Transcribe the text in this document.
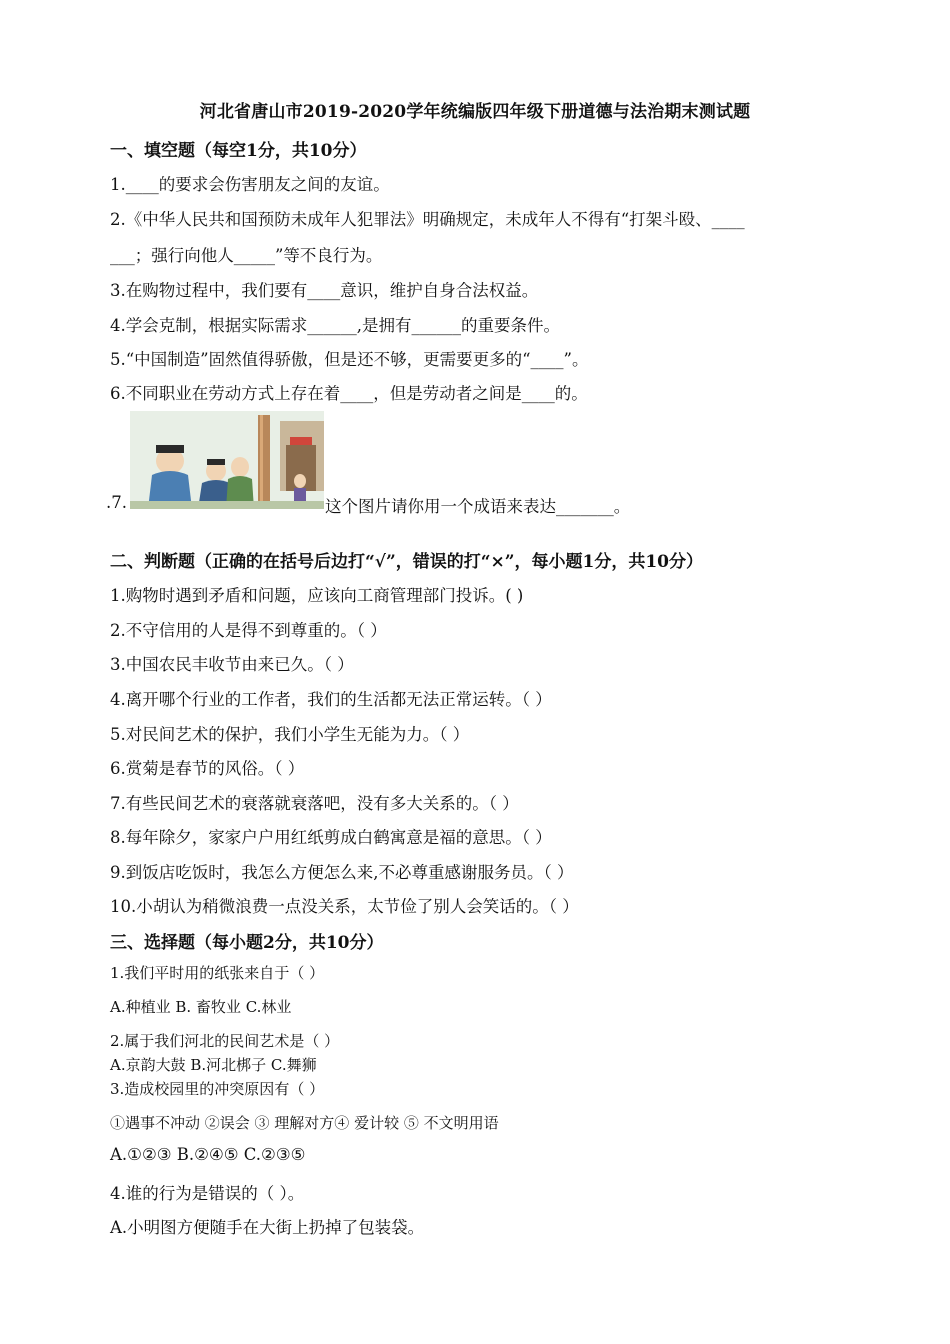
河北省唐山市2019-2020学年统编版四年级下册道德与法治期末测试题
一、填空题（每空1分，共10分）
1.____的要求会伤害朋友之间的友谊。
2.《中华人民共和国预防未成年人犯罪法》明确规定，未成年人不得有“打架斗殴、____
___；强行向他人_____”等不良行为。
3.在购物过程中，我们要有____意识，维护自身合法权益。
4.学会克制，根据实际需求______,是拥有______的重要条件。
5.“中国制造”固然值得骄傲，但是还不够，更需要更多的“____”。
6.不同职业在劳动方式上存在着____，但是劳动者之间是____的。
.7.	这个图片请你用一个成语来表达_______。
二、判断题（正确的在括号后边打“√”，错误的打“×”，每小题1分，共10分）
1.购物时遇到矛盾和问题，应该向工商管理部门投诉。( )
2.不守信用的人是得不到尊重的。（ ）
3.中国农民丰收节由来已久。（ ）
4.离开哪个行业的工作者，我们的生活都无法正常运转。（ ）
5.对民间艺术的保护，我们小学生无能为力。（ ）
6.赏菊是春节的风俗。（ ）
7.有些民间艺术的衰落就衰落吧，没有多大关系的。（ ）
8.每年除夕，家家户户用红纸剪成白鹤寓意是福的意思。（ ）
9.到饭店吃饭时，我怎么方便怎么来,不必尊重感谢服务员。（ ）
10.小胡认为稍微浪费一点没关系，太节俭了别人会笑话的。（ ）
三、选择题（每小题2分，共10分）
1.我们平时用的纸张来自于（ ）
A.种植业 B. 畜牧业 C.林业
2.属于我们河北的民间艺术是（ ）
A.京韵大鼓 B.河北梆子 C.舞狮
3.造成校园里的冲突原因有（ ）
①遇事不冲动 ②误会 ③ 理解对方④ 爱计较 ⑤ 不文明用语
A.①②③ B.②④⑤ C.②③⑤
4.谁的行为是错误的（ ）。
A.小明图方便随手在大街上扔掉了包装袋。
